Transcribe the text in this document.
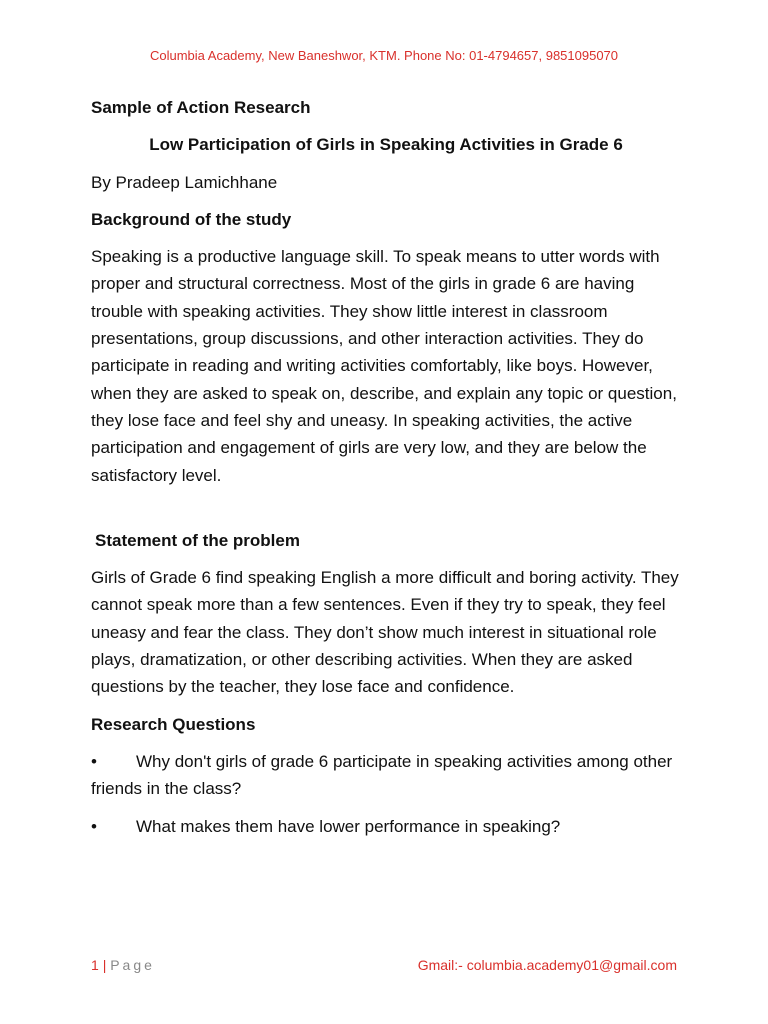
Columbia Academy, New Baneshwor, KTM. Phone No: 01-4794657, 9851095070

Sample of Action Research

Low Participation of Girls in Speaking Activities in Grade 6

By Pradeep Lamichhane

Background of the study

Speaking is a productive language skill. To speak means to utter words with proper and structural correctness. Most of the girls in grade 6 are having trouble with speaking activities. They show little interest in classroom presentations, group discussions, and other interaction activities. They do participate in reading and writing activities comfortably, like boys. However, when they are asked to speak on, describe, and explain any topic or question, they lose face and feel shy and uneasy. In speaking activities, the active participation and engagement of girls are very low, and they are below the satisfactory level.

Statement of the problem

Girls of Grade 6 find speaking English a more difficult and boring activity. They cannot speak more than a few sentences. Even if they try to speak, they feel uneasy and fear the class. They don’t show much interest in situational role plays, dramatization, or other describing activities. When they are asked questions by the teacher, they lose face and confidence.

Research Questions

• Why don't girls of grade 6 participate in speaking activities among other friends in the class?

• What makes them have lower performance in speaking?

1 | Page	Gmail:- columbia.academy01@gmail.com
